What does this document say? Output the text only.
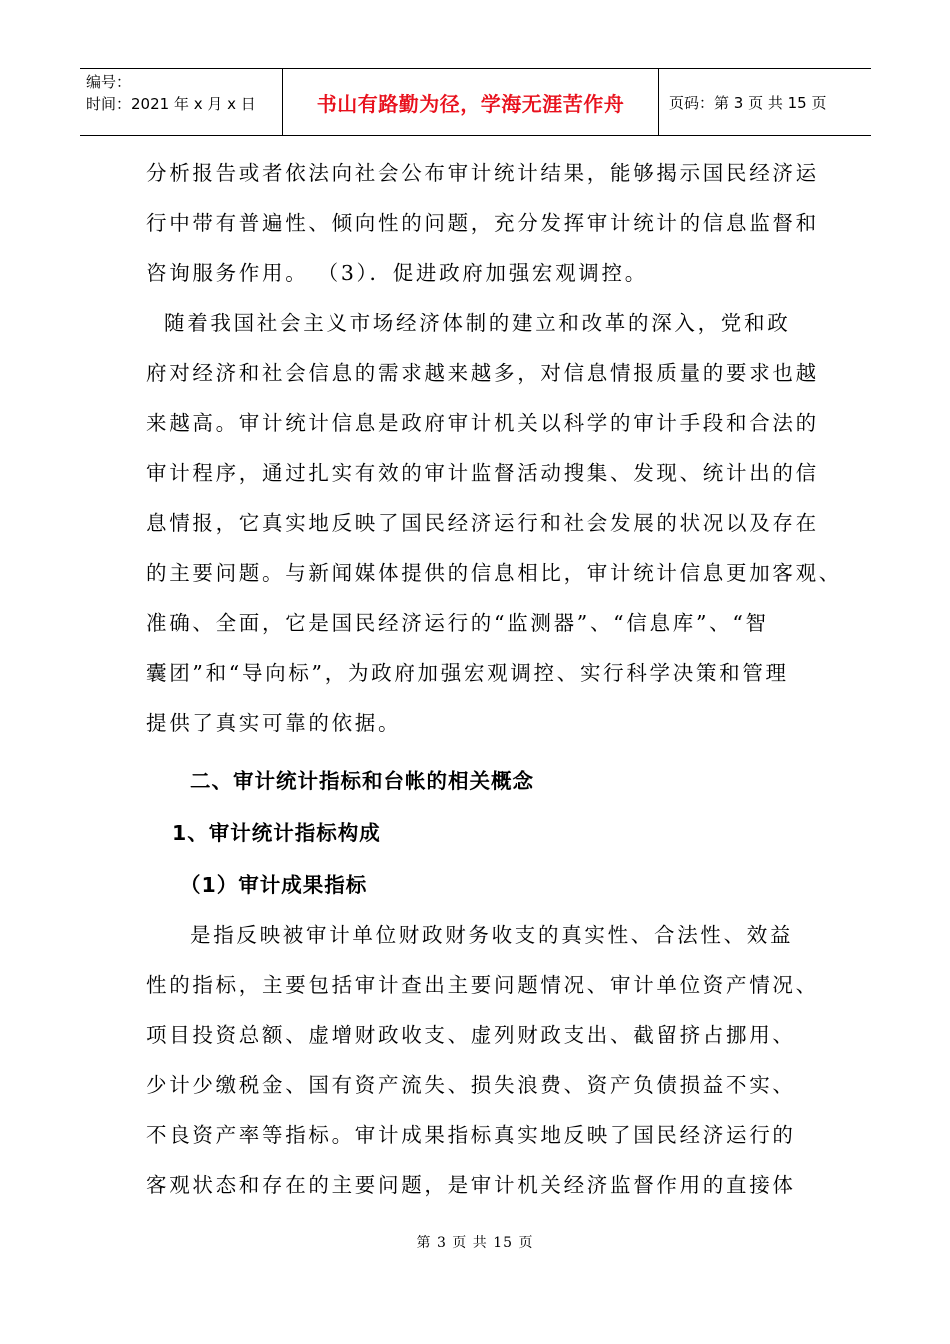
编号：
时间：2021 年 x 月 x 日	书山有路勤为径，学海无涯苦作舟	页码：第 3 页 共 15 页
分析报告或者依法向社会公布审计统计结果，能够揭示国民经济运
行中带有普遍性、倾向性的问题，充分发挥审计统计的信息监督和
咨询服务作用。 （3）．促进政府加强宏观调控。
随着我国社会主义市场经济体制的建立和改革的深入，党和政
府对经济和社会信息的需求越来越多，对信息情报质量的要求也越
来越高。审计统计信息是政府审计机关以科学的审计手段和合法的
审计程序，通过扎实有效的审计监督活动搜集、发现、统计出的信
息情报，它真实地反映了国民经济运行和社会发展的状况以及存在
的主要问题。与新闻媒体提供的信息相比，审计统计信息更加客观、
准确、全面，它是国民经济运行的“监测器”、“信息库”、“智
囊团”和“导向标”，为政府加强宏观调控、实行科学决策和管理
提供了真实可靠的依据。
二、审计统计指标和台帐的相关概念
1、审计统计指标构成
（1）审计成果指标
是指反映被审计单位财政财务收支的真实性、合法性、效益
性的指标，主要包括审计查出主要问题情况、审计单位资产情况、
项目投资总额、虚增财政收支、虚列财政支出、截留挤占挪用、
少计少缴税金、国有资产流失、损失浪费、资产负债损益不实、
不良资产率等指标。审计成果指标真实地反映了国民经济运行的
客观状态和存在的主要问题，是审计机关经济监督作用的直接体
第 3 页 共 15 页
